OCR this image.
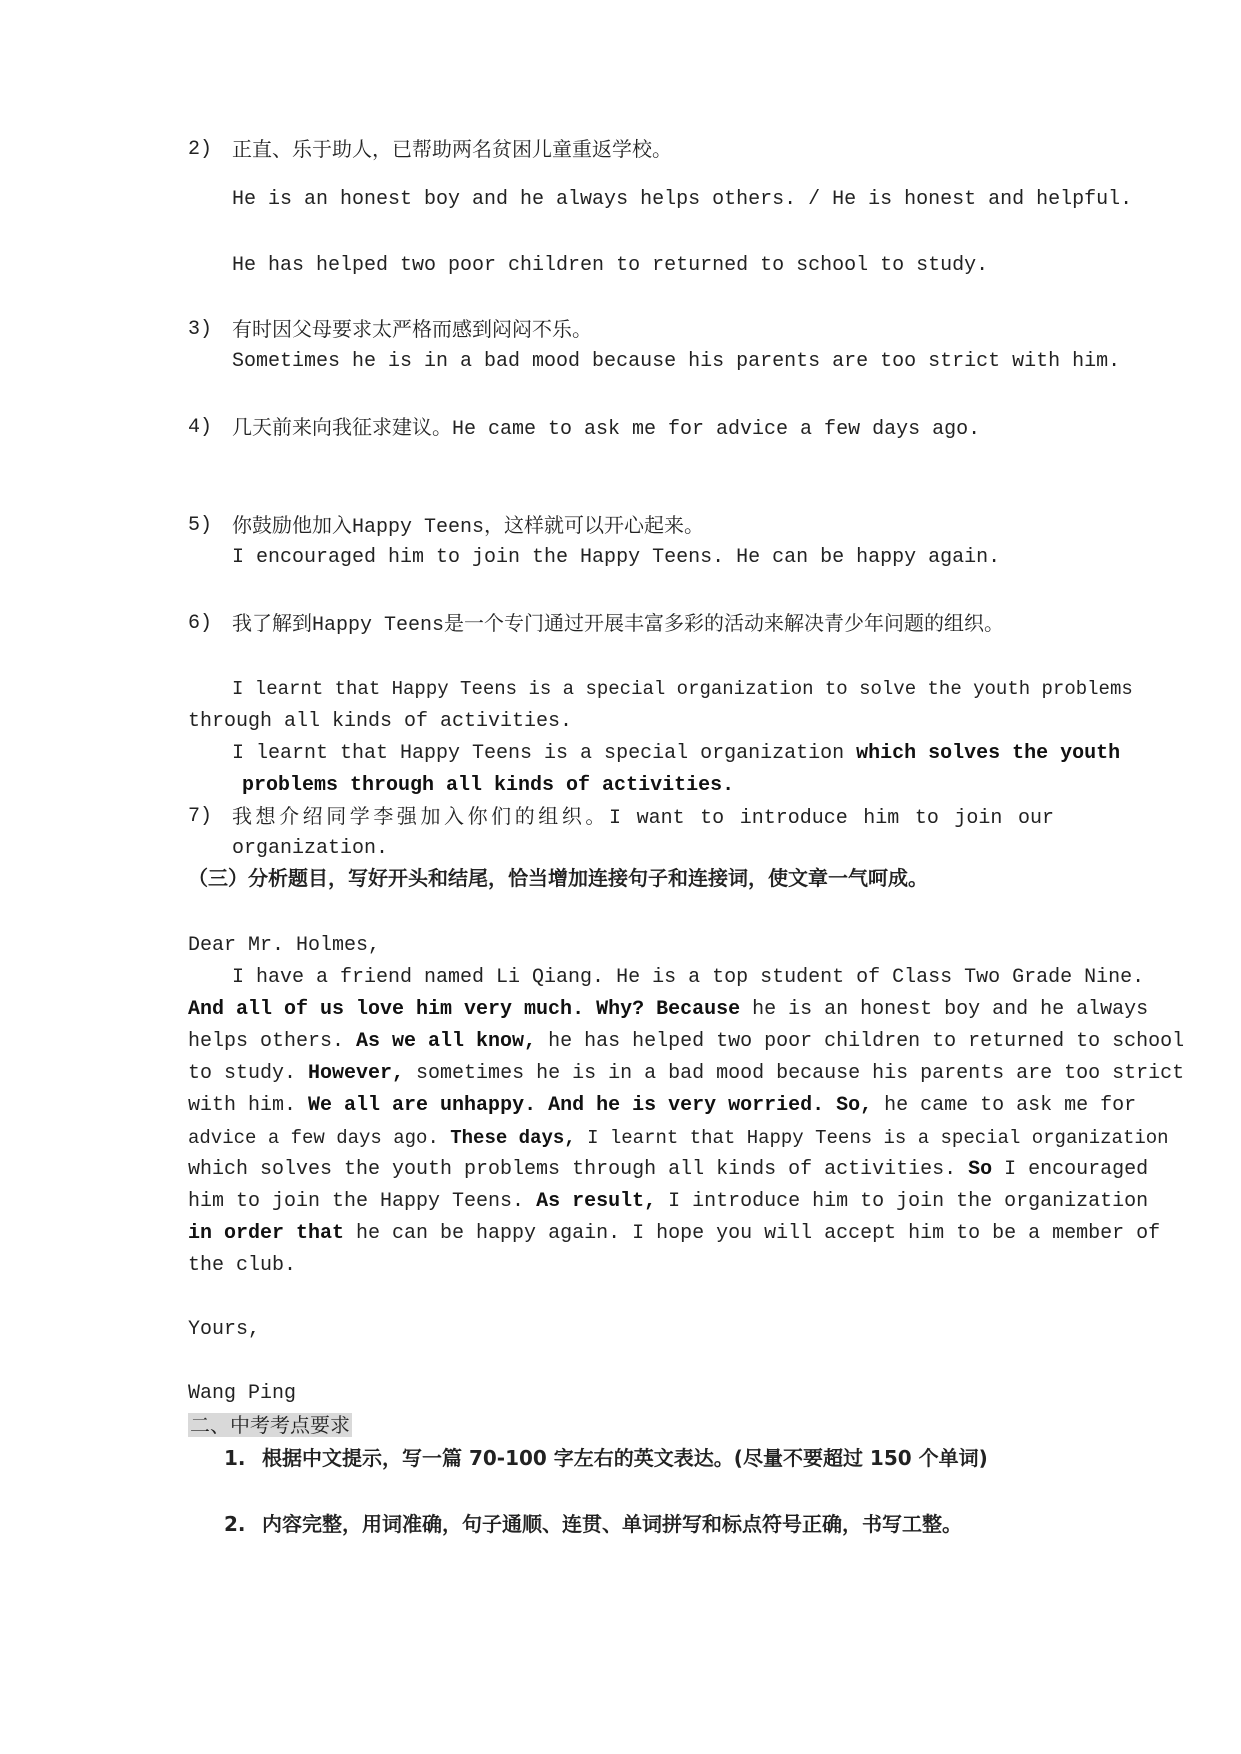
2) 正直、乐于助人，已帮助两名贫困儿童重返学校。
He is an honest boy and he always helps others. / He is honest and helpful.
He has helped two poor children to returned to school to study.
3) 有时因父母要求太严格而感到闷闷不乐。
Sometimes he is in a bad mood because his parents are too strict with him.
4) 几天前来向我征求建议。He came to ask me for advice a few days ago.
5) 你鼓励他加入Happy Teens，这样就可以开心起来。
I encouraged him to join the Happy Teens. He can be happy again.
6) 我了解到Happy Teens是一个专门通过开展丰富多彩的活动来解决青少年问题的组织。
I learnt that Happy Teens is a special organization to solve the youth problems
through all kinds of activities.
I learnt that Happy Teens is a special organization which solves the youth
problems through all kinds of activities.
7) 我想介绍同学李强加入你们的组织。I want to introduce him to join our
organization.
（三）分析题目，写好开头和结尾，恰当增加连接句子和连接词，使文章一气呵成。
Dear Mr. Holmes,
I have a friend named Li Qiang. He is a top student of Class Two Grade Nine.
And all of us love him very much. Why? Because he is an honest boy and he always
helps others. As we all know, he has helped two poor children to returned to school
to study. However, sometimes he is in a bad mood because his parents are too strict
with him. We all are unhappy. And he is very worried. So, he came to ask me for
advice a few days ago. These days, I learnt that Happy Teens is a special organization
which solves the youth problems through all kinds of activities. So I encouraged
him to join the Happy Teens. As result, I introduce him to join the organization
in order that he can be happy again. I hope you will accept him to be a member of
the club.
Yours,
Wang Ping
二、中考考点要求
1. 根据中文提示，写一篇 70-100 字左右的英文表达。(尽量不要超过 150 个单词)
2. 内容完整，用词准确，句子通顺、连贯、单词拼写和标点符号正确，书写工整。
